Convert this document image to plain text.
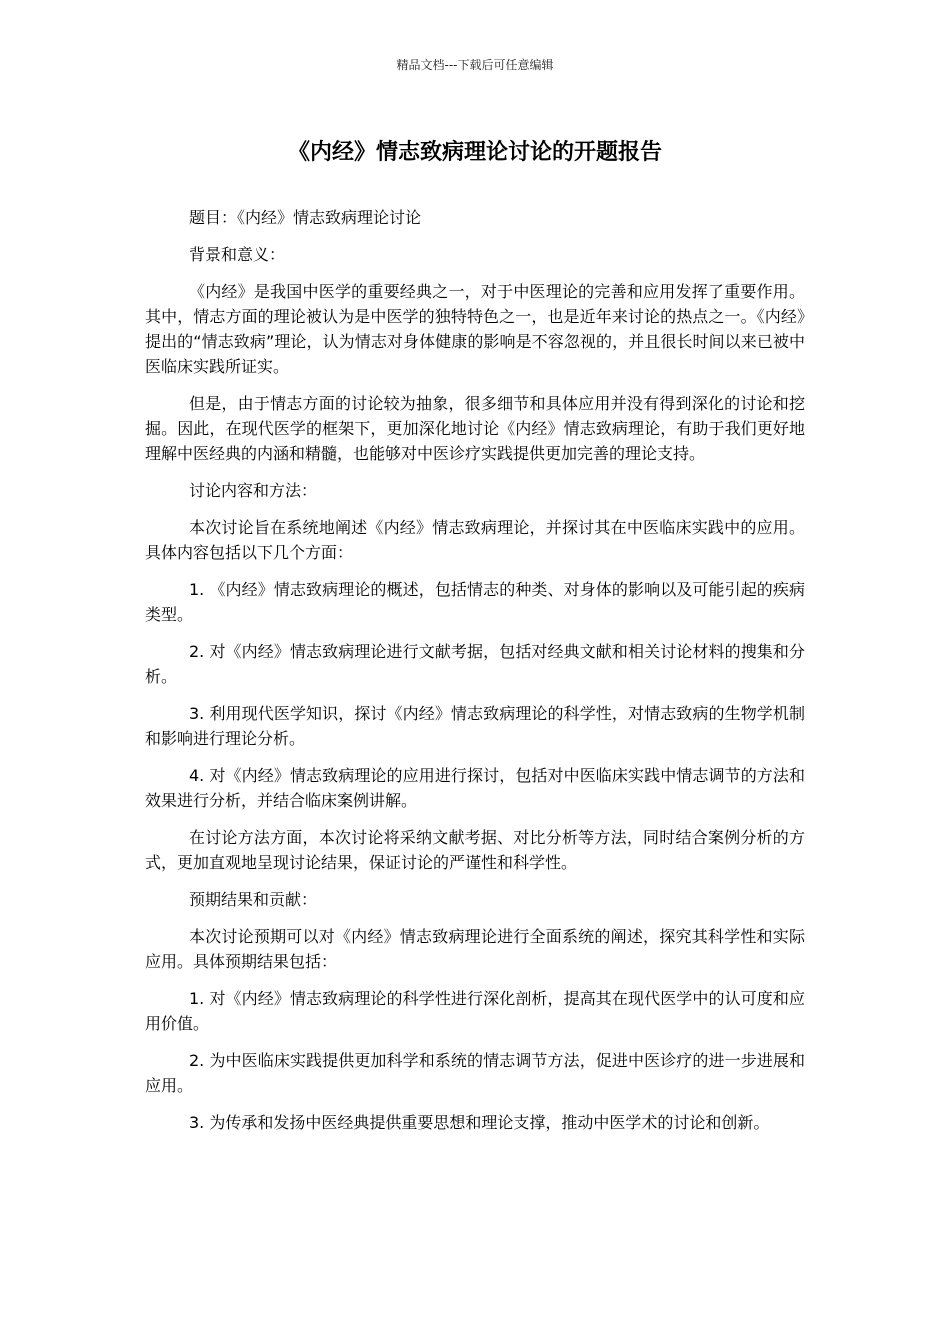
精品文档---下载后可任意编辑
《内经》情志致病理论讨论的开题报告

题目：《内经》情志致病理论讨论

背景和意义：

《内经》是我国中医学的重要经典之一，对于中医理论的完善和应用发挥了重要作用。其中，情志方面的理论被认为是中医学的独特特色之一，也是近年来讨论的热点之一。《内经》提出的“情志致病”理论，认为情志对身体健康的影响是不容忽视的，并且很长时间以来已被中医临床实践所证实。

但是，由于情志方面的讨论较为抽象，很多细节和具体应用并没有得到深化的讨论和挖掘。因此，在现代医学的框架下，更加深化地讨论《内经》情志致病理论，有助于我们更好地理解中医经典的内涵和精髓，也能够对中医诊疗实践提供更加完善的理论支持。

讨论内容和方法：

本次讨论旨在系统地阐述《内经》情志致病理论，并探讨其在中医临床实践中的应用。具体内容包括以下几个方面：

1. 《内经》情志致病理论的概述，包括情志的种类、对身体的影响以及可能引起的疾病类型。

2. 对《内经》情志致病理论进行文献考据，包括对经典文献和相关讨论材料的搜集和分析。

3. 利用现代医学知识，探讨《内经》情志致病理论的科学性，对情志致病的生物学机制和影响进行理论分析。

4. 对《内经》情志致病理论的应用进行探讨，包括对中医临床实践中情志调节的方法和效果进行分析，并结合临床案例讲解。

在讨论方法方面，本次讨论将采纳文献考据、对比分析等方法，同时结合案例分析的方式，更加直观地呈现讨论结果，保证讨论的严谨性和科学性。

预期结果和贡献：

本次讨论预期可以对《内经》情志致病理论进行全面系统的阐述，探究其科学性和实际应用。具体预期结果包括：

1. 对《内经》情志致病理论的科学性进行深化剖析，提高其在现代医学中的认可度和应用价值。

2. 为中医临床实践提供更加科学和系统的情志调节方法，促进中医诊疗的进一步进展和应用。

3. 为传承和发扬中医经典提供重要思想和理论支撑，推动中医学术的讨论和创新。
